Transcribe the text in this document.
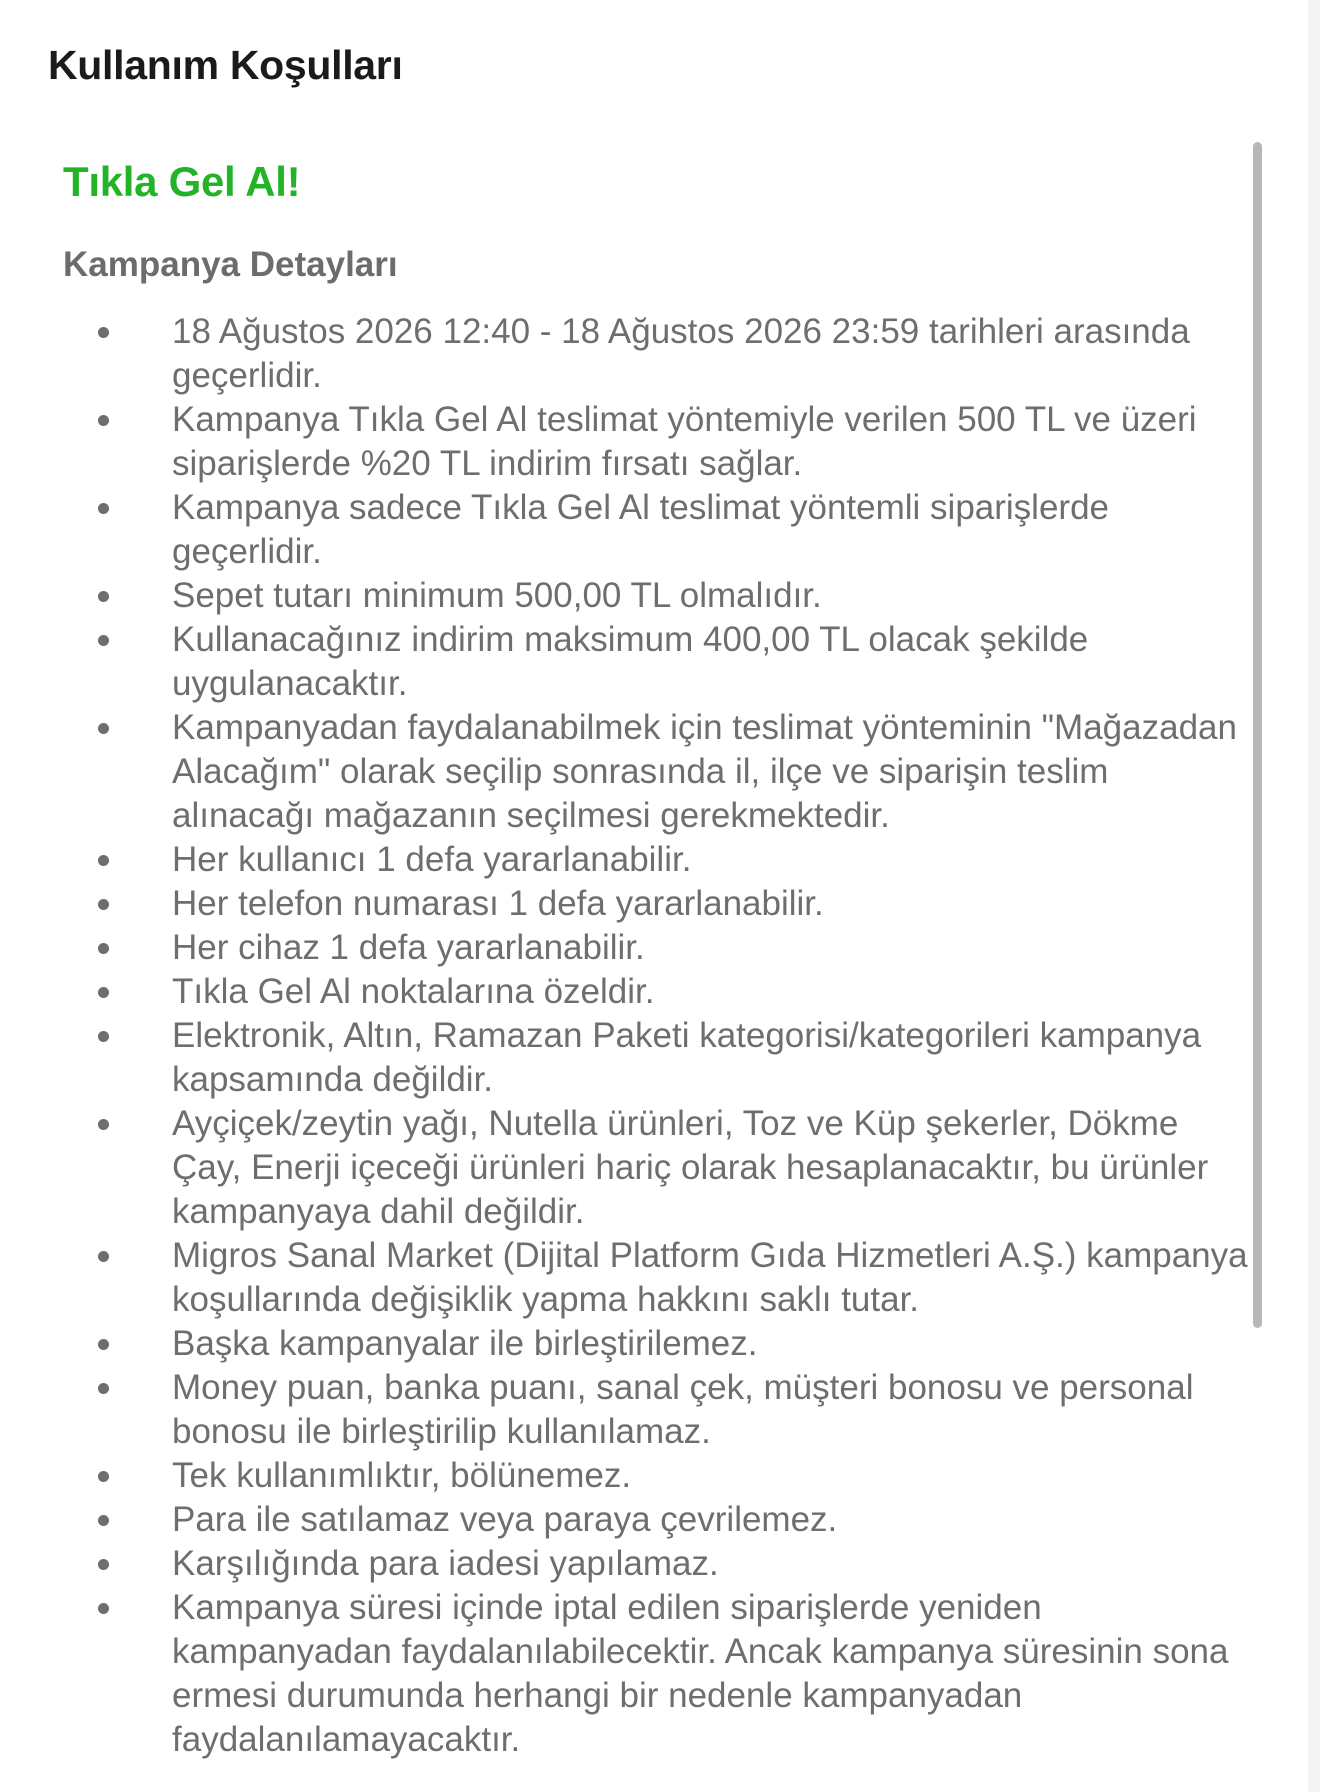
Kullanım Koşulları
Tıkla Gel Al!
Kampanya Detayları
18 Ağustos 2026 12:40 - 18 Ağustos 2026 23:59 tarihleri arasında geçerlidir.
Kampanya Tıkla Gel Al teslimat yöntemiyle verilen 500 TL ve üzeri siparişlerde %20 TL indirim fırsatı sağlar.
Kampanya sadece Tıkla Gel Al teslimat yöntemli siparişlerde geçerlidir.
Sepet tutarı minimum 500,00 TL olmalıdır.
Kullanacağınız indirim maksimum 400,00 TL olacak şekilde uygulanacaktır.
Kampanyadan faydalanabilmek için teslimat yönteminin "Mağazadan Alacağım" olarak seçilip sonrasında il, ilçe ve siparişin teslim alınacağı mağazanın seçilmesi gerekmektedir.
Her kullanıcı 1 defa yararlanabilir.
Her telefon numarası 1 defa yararlanabilir.
Her cihaz 1 defa yararlanabilir.
Tıkla Gel Al noktalarına özeldir.
Elektronik, Altın, Ramazan Paketi kategorisi/kategorileri kampanya kapsamında değildir.
Ayçiçek/zeytin yağı, Nutella ürünleri, Toz ve Küp şekerler, Dökme Çay, Enerji içeceği ürünleri hariç olarak hesaplanacaktır, bu ürünler kampanyaya dahil değildir.
Migros Sanal Market (Dijital Platform Gıda Hizmetleri A.Ş.) kampanya koşullarında değişiklik yapma hakkını saklı tutar.
Başka kampanyalar ile birleştirilemez.
Money puan, banka puanı, sanal çek, müşteri bonosu ve personal bonosu ile birleştirilip kullanılamaz.
Tek kullanımlıktır, bölünemez.
Para ile satılamaz veya paraya çevrilemez.
Karşılığında para iadesi yapılamaz.
Kampanya süresi içinde iptal edilen siparişlerde yeniden kampanyadan faydalanılabilecektir. Ancak kampanya süresinin sona ermesi durumunda herhangi bir nedenle kampanyadan faydalanılamayacaktır.
